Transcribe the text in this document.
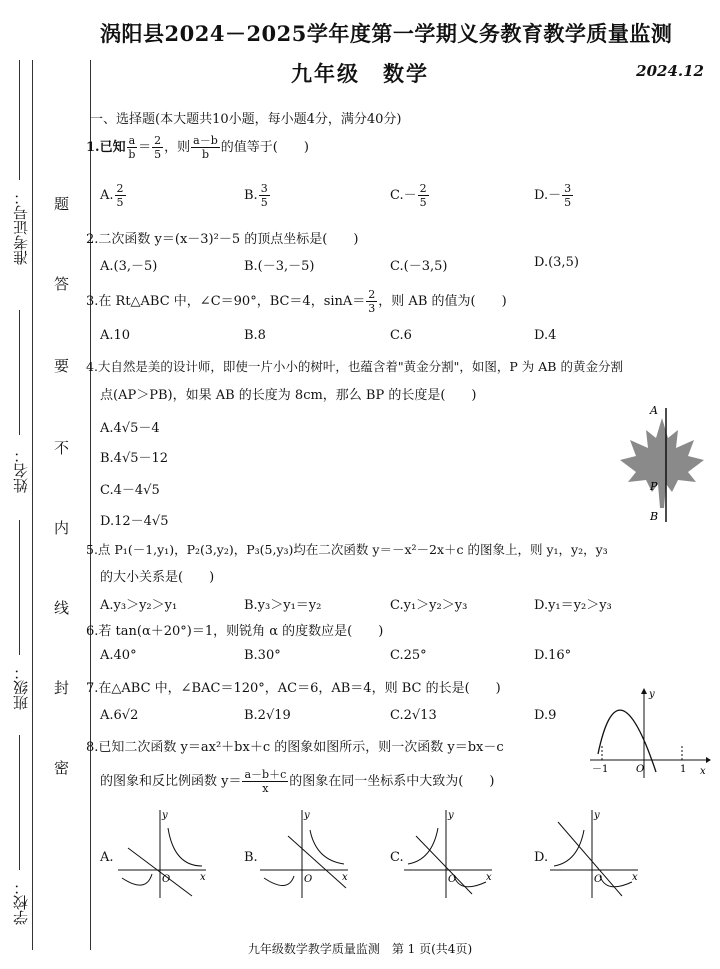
涡阳县2024－2025学年度第一学期义务教育教学质量监测
九年级　数学	2024.12
准考证号：
姓名：
班级：
学校：
题
答
要
不
内
线
封
密
一、选择题(本大题共10小题，每小题4分，满分40分)
1.已知 $\frac{a}{b} = \frac{2}{5}$ ，则 $\frac{a-b}{b}$ 的值等于(　　)
A. $\frac{2}{5}$	B. $\frac{3}{5}$	$C.- \frac{2}{5}$	$D.- \frac{3}{5}$
2.二次函数 y＝(x－3)²－5 的顶点坐标是(　　)
A.(3,－5)	B.(－3,－5)	C.(－3,5)	D.(3,5)
3.在 Rt△ABC 中，∠C＝90°，BC＝4，$\sin A= \frac{2}{3}$ ，则 AB 的值为(　　)
A.10	B.8	C.6	D.4
4.大自然是美的设计师，即使一片小小的树叶，也蕴含着"黄金分割"，如图，P 为 AB 的黄金分割
点(AP＞PB)，如果 AB 的长度为 8cm，那么 BP 的长度是(　　)
A.4√5－4
B.4√5－12
C.4－4√5
D.12－4√5
A
P
B
5.点 P₁(－1,y₁)，P₂(3,y₂)，P₃(5,y₃)均在二次函数 y＝－x²－2x＋c 的图象上，则 y₁，y₂，y₃
的大小关系是(　　)
A.y₃＞y₂＞y₁	B.y₃＞y₁＝y₂	C.y₁＞y₂＞y₃	D.y₁＝y₂＞y₃
6.若 tan(α＋20°)＝1，则锐角 α 的度数应是(　　)
A.40°	B.30°	C.25°	D.16°
7.在△ABC 中，∠BAC＝120°，AC＝6，AB＝4，则 BC 的长是(　　)
A.6√2	B.2√19	C.2√13	D.9
y
x
O
－1	1
8.已知二次函数 y＝ax²＋bx＋c 的图象如图所示，则一次函数 y＝bx－c
的图象和反比例函数 $y= \frac{a-b+c}{x}$ 的图象在同一坐标系中大致为(　　)
A.
O	x
y
B.
O	x
y
C.
O	x
y
D.
O	x
y
九年级数学教学质量监测　第 1 页(共4页)
